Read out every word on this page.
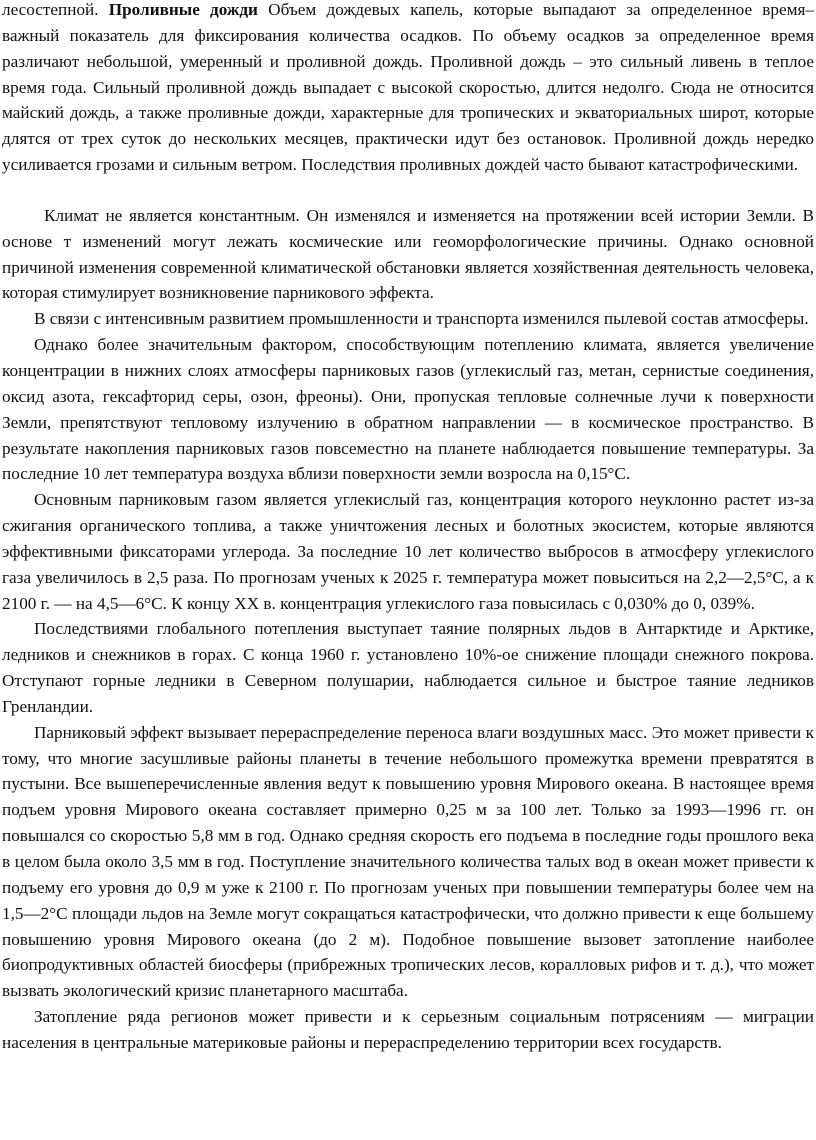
лесостепной. Проливные дожди Объем дождевых капель, которые выпадают за определенное время– важный показатель для фиксирования количества осадков. По объему осадков за определенное время различают небольшой, умеренный и проливной дождь. Проливной дождь – это сильный ливень в теплое время года. Сильный проливной дождь выпадает с высокой скоростью, длится недолго. Сюда не относится майский дождь, а также проливные дожди, характерные для тропических и экваториальных широт, которые длятся от трех суток до нескольких месяцев, практически идут без остановок. Проливной дождь нередко усиливается грозами и сильным ветром. Последствия проливных дождей часто бывают катастрофическими.

Климат не является константным. Он изменялся и изменяется на протяжении всей истории Земли. В основе т изменений могут лежать космические или геоморфологические причины. Однако основной причиной изменения современной климатической обстановки является хозяйственная деятельность человека, которая стимулирует возникновение парникового эффекта.

В связи с интенсивным развитием промышленности и транспорта изменился пылевой состав атмосферы.

Однако более значительным фактором, способствующим потеплению климата, является увеличение концентрации в нижних слоях атмосферы парниковых газов (углекислый газ, метан, сернистые соединения, оксид азота, гексафторид серы, озон, фреоны). Они, пропуская тепловые солнечные лучи к поверхности Земли, препятствуют тепловому излучению в обратном направлении — в космическое пространство. В результате накопления парниковых газов повсеместно на планете наблюдается повышение температуры. За последние 10 лет температура воздуха вблизи поверхности земли возросла на 0,15°С.

Основным парниковым газом является углекислый газ, концентрация которого неуклонно растет из-за сжигания органического топлива, а также уничтожения лесных и болотных экосистем, которые являются эффективными фиксаторами углерода. За последние 10 лет количество выбросов в атмосферу углекислого газа увеличилось в 2,5 раза. По прогнозам ученых к 2025 г. температура может повыситься на 2,2—2,5°С, а к 2100 г. — на 4,5—6°С. К концу XX в. концентрация углекислого газа повысилась с 0,030% до 0, 039%.

Последствиями глобального потепления выступает таяние полярных льдов в Антарктиде и Арктике, ледников и снежников в горах. С конца 1960 г. установлено 10%-ое снижение площади снежного покрова. Отступают горные ледники в Северном полушарии, наблюдается сильное и быстрое таяние ледников Гренландии.

Парниковый эффект вызывает перераспределение переноса влаги воздушных масс. Это может привести к тому, что многие засушливые районы планеты в течение небольшого промежутка времени превратятся в пустыни. Все вышеперечисленные явления ведут к повышению уровня Мирового океана. В настоящее время подъем уровня Мирового океана составляет примерно 0,25 м за 100 лет. Только за 1993—1996 гг. он повышался со скоростью 5,8 мм в год. Однако средняя скорость его подъема в последние годы прошлого века в целом была около 3,5 мм в год. Поступление значительного количества талых вод в океан может привести к подъему его уровня до 0,9 м уже к 2100 г. По прогнозам ученых при повышении температуры более чем на 1,5—2°С площади льдов на Земле могут сокращаться катастрофически, что должно привести к еще большему повышению уровня Мирового океана (до 2 м). Подобное повышение вызовет затопление наиболее биопродуктивных областей биосферы (прибрежных тропических лесов, коралловых рифов и т. д.), что может вызвать экологический кризис планетарного масштаба.

Затопление ряда регионов может привести и к серьезным социальным потрясениям — миграции населения в центральные материковые районы и перераспределению территории всех государств.
